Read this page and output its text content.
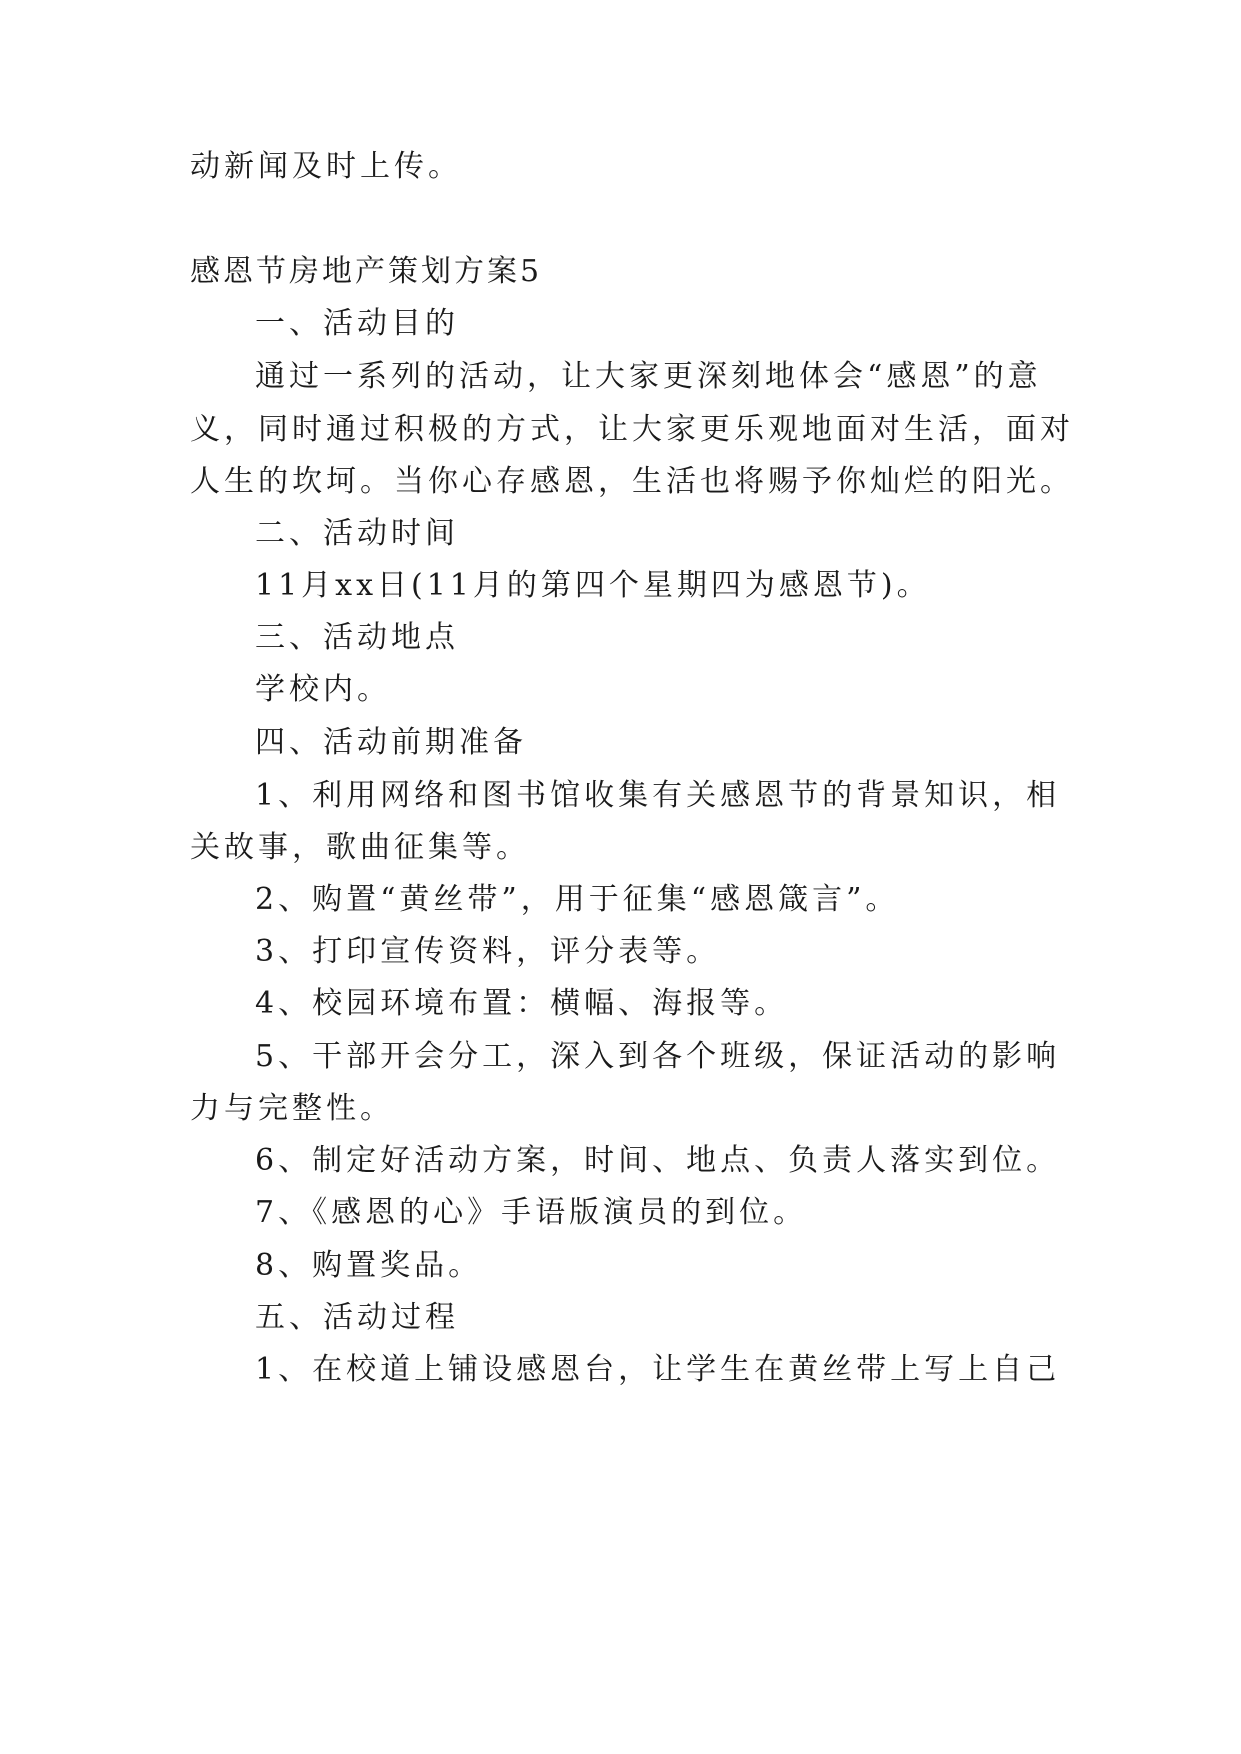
动新闻及时上传。
感恩节房地产策划方案5
一、活动目的
通过一系列的活动，让大家更深刻地体会“感恩”的意
义，同时通过积极的方式，让大家更乐观地面对生活，面对
人生的坎坷。当你心存感恩，生活也将赐予你灿烂的阳光。
二、活动时间
11月xx日(11月的第四个星期四为感恩节)。
三、活动地点
学校内。
四、活动前期准备
1、利用网络和图书馆收集有关感恩节的背景知识，相
关故事，歌曲征集等。
2、购置“黄丝带”，用于征集“感恩箴言”。
3、打印宣传资料，评分表等。
4、校园环境布置：横幅、海报等。
5、干部开会分工，深入到各个班级，保证活动的影响
力与完整性。
6、制定好活动方案，时间、地点、负责人落实到位。
7、《感恩的心》手语版演员的到位。
8、购置奖品。
五、活动过程
1、在校道上铺设感恩台，让学生在黄丝带上写上自己
